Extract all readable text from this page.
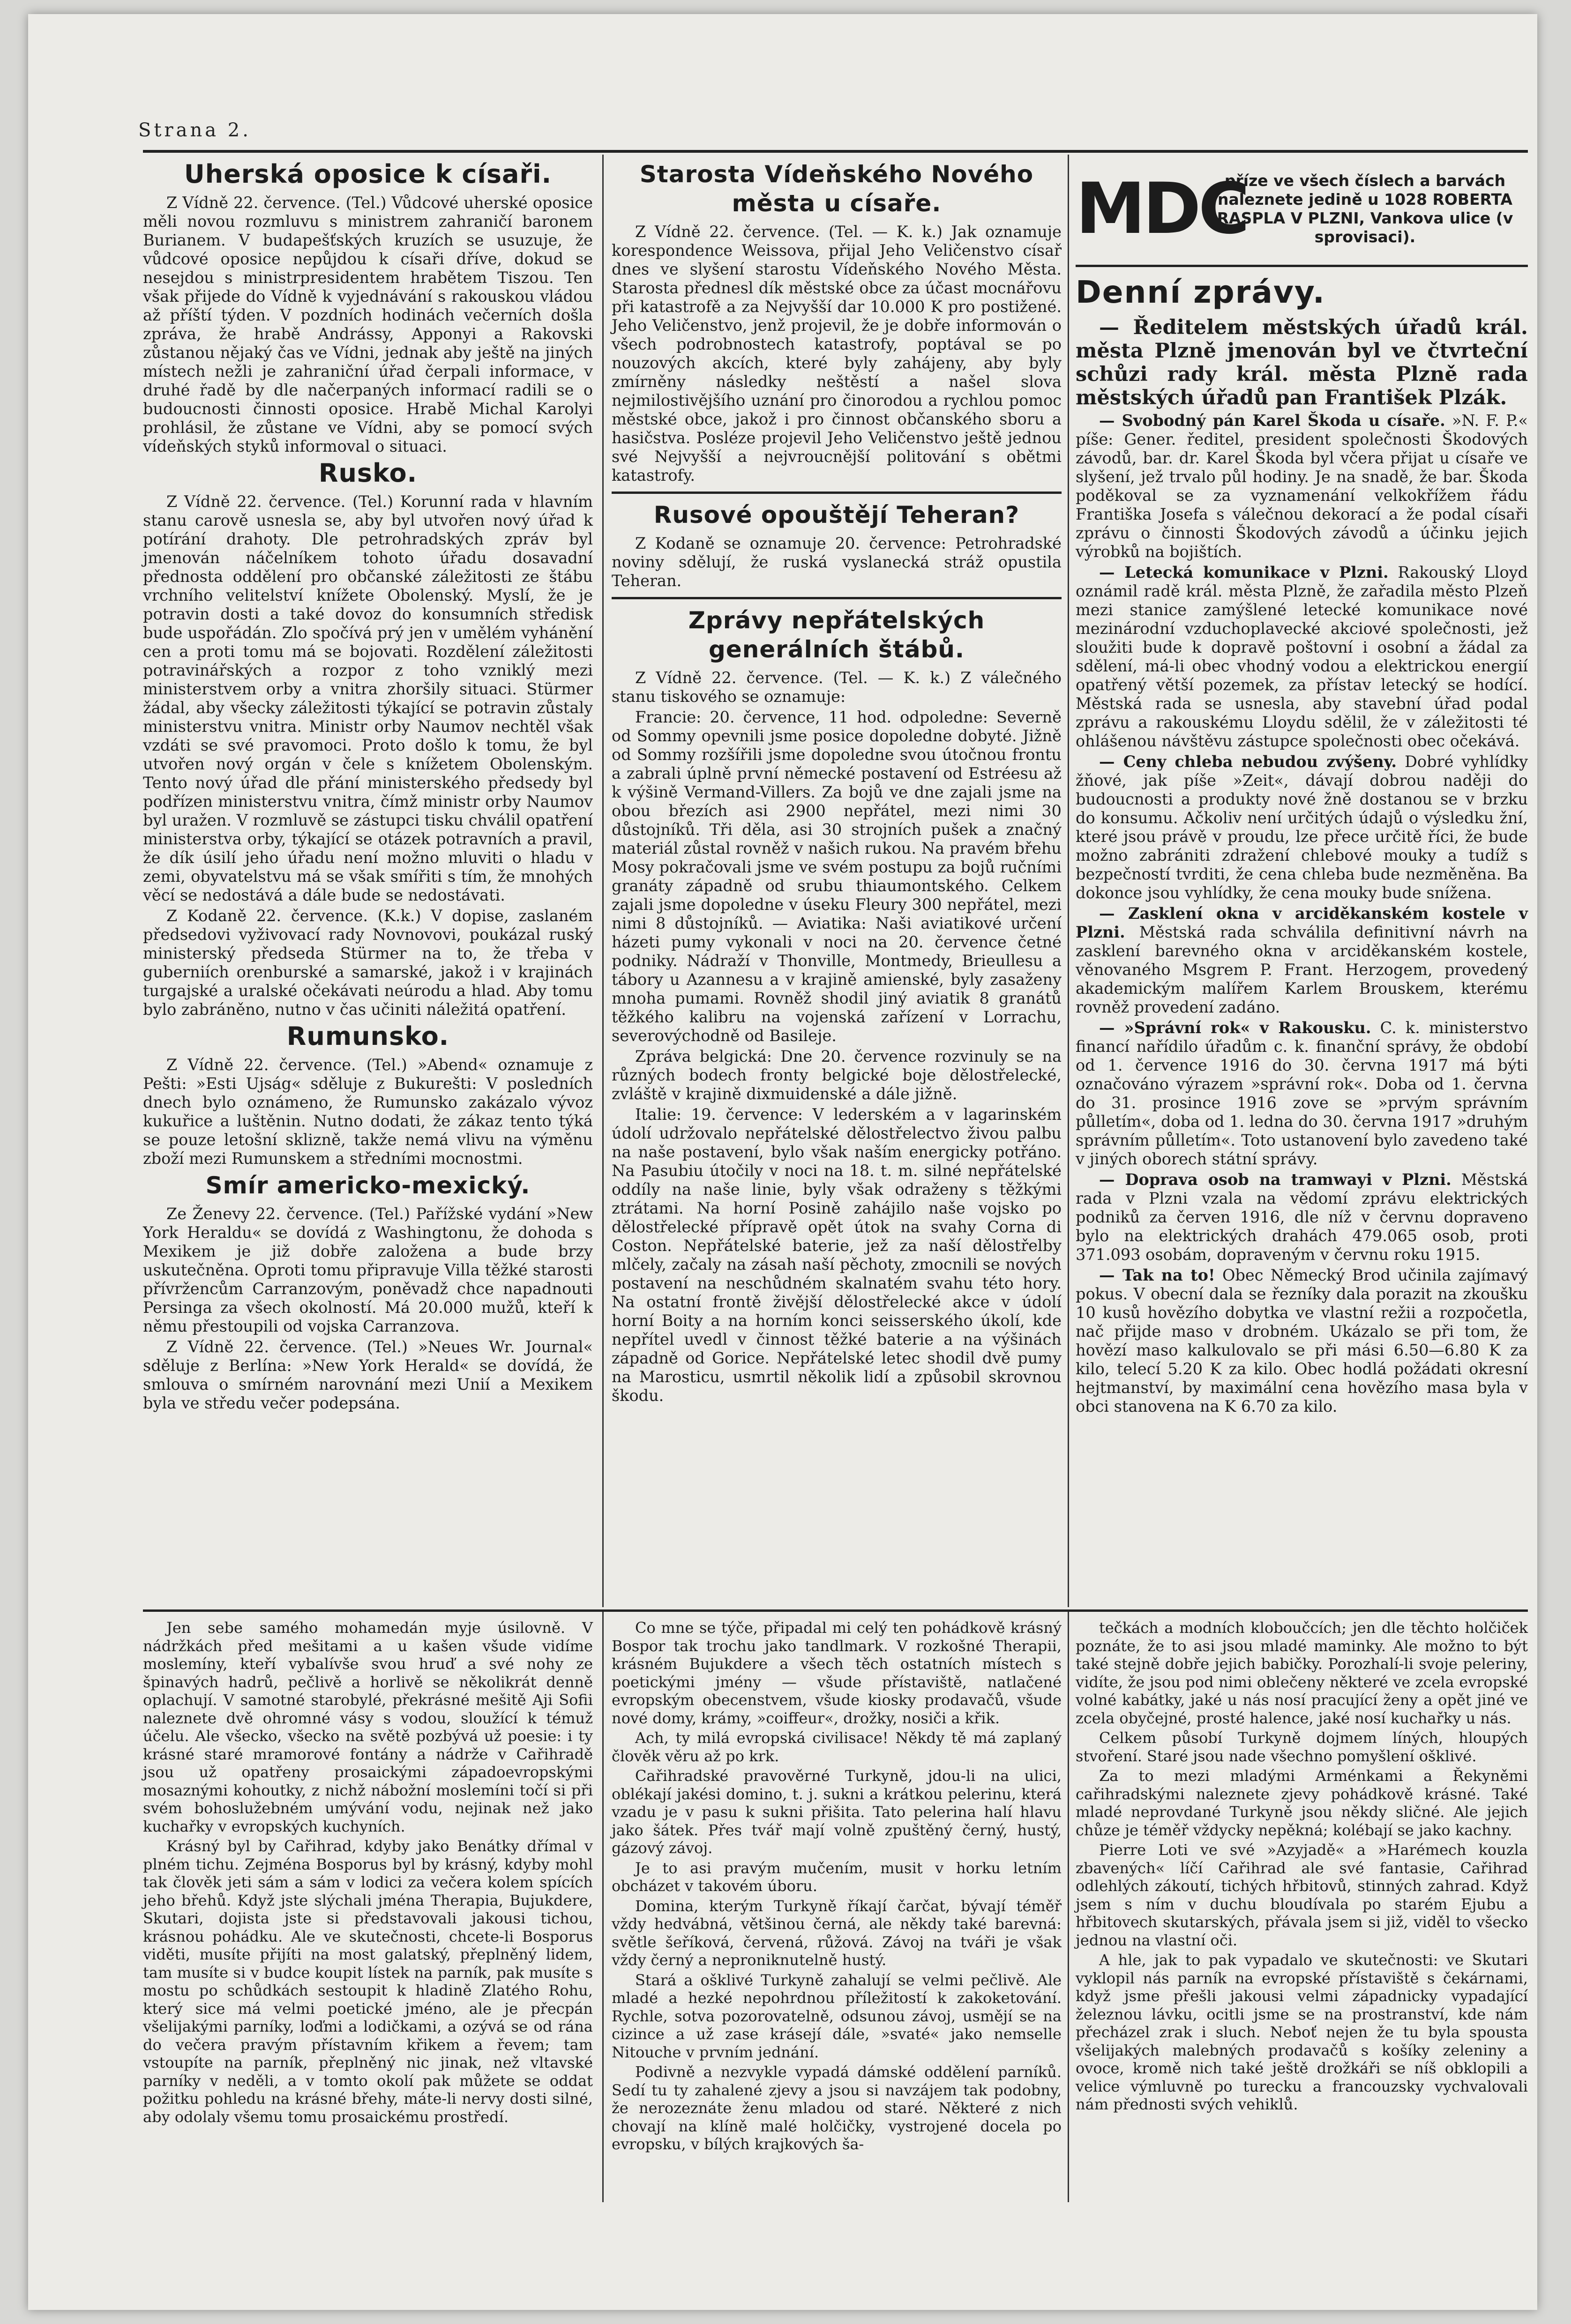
Strana 2.
Uherská oposice k císaři.

Z Vídně 22. července. (Tel.) Vůdcové uherské oposice měli novou rozmluvu s ministrem zahraničí baronem Burianem. V budapešťských kruzích se usuzuje, že vůdcové oposice nepůjdou k císaři dříve, dokud se nesejdou s ministrpresidentem hrabětem Tiszou. Ten však přijede do Vídně k vyjednávání s rakouskou vládou až příští týden. V pozdních hodinách večerních došla zpráva, že hrabě Andrássy, Apponyi a Rakovski zůstanou nějaký čas ve Vídni, jednak aby ještě na jiných místech nežli je zahraniční úřad čerpali informace, v druhé řadě by dle načerpaných informací radili se o budoucnosti činnosti oposice. Hrabě Michal Karolyi prohlásil, že zůstane ve Vídni, aby se pomocí svých vídeňských styků informoval o situaci.

Rusko.

Z Vídně 22. července. (Tel.) Korunní rada v hlavním stanu carově usnesla se, aby byl utvořen nový úřad k potírání drahoty. Dle petrohradských zpráv byl jmenován náčelníkem tohoto úřadu dosavadní přednosta oddělení pro občanské záležitosti ze štábu vrchního velitelství knížete Obolenský. Myslí, že je potravin dosti a také dovoz do konsumních středisk bude uspořádán. Zlo spočívá prý jen v umělém vyhánění cen a proti tomu má se bojovati. Rozdělení záležitosti potravinářských a rozpor z toho vzniklý mezi ministerstvem orby a vnitra zhoršily situaci. Stürmer žádal, aby všecky záležitosti týkající se potravin zůstaly ministerstvu vnitra. Ministr orby Naumov nechtěl však vzdáti se své pravomoci. Proto došlo k tomu, že byl utvořen nový orgán v čele s knížetem Obolenským. Tento nový úřad dle přání ministerského předsedy byl podřízen ministerstvu vnitra, čímž ministr orby Naumov byl uražen. V rozmluvě se zástupci tisku chválil opatření ministerstva orby, týkající se otázek potravních a pravil, že dík úsilí jeho úřadu není možno mluviti o hladu v zemi, obyvatelstvu má se však smířiti s tím, že mnohých věcí se nedostává a dále bude se nedostávati.

Z Kodaně 22. července. (K.k.) V dopise, zaslaném předsedovi vyživovací rady Novnovovi, poukázal ruský ministerský předseda Stürmer na to, že třeba v guberniích orenburské a samarské, jakož i v krajinách turgajské a uralské očekávati neúrodu a hlad. Aby tomu bylo zabráněno, nutno v čas učiniti náležitá opatření.

Rumunsko.

Z Vídně 22. července. (Tel.) »Abend« oznamuje z Pešti: »Esti Ujság« sděluje z Bukurešti: V posledních dnech bylo oznámeno, že Rumunsko zakázalo vývoz kukuřice a luštěnin. Nutno dodati, že zákaz tento týká se pouze letošní sklizně, takže nemá vlivu na výměnu zboží mezi Rumunskem a středními mocnostmi.

Smír americko-mexický.

Ze Ženevy 22. července. (Tel.) Pařížské vydání »New York Heraldu« se dovídá z Washingtonu, že dohoda s Mexikem je již dobře založena a bude brzy uskutečněna. Oproti tomu připravuje Villa těžké starosti přívržencům Carranzovým, poněvadž chce napadnouti Persinga za všech okolností. Má 20.000 mužů, kteří k němu přestoupili od vojska Carranzova.

Z Vídně 22. července. (Tel.) »Neues Wr. Journal« sděluje z Berlína: »New York Herald« se dovídá, že smlouva o smírném narovnání mezi Unií a Mexikem byla ve středu večer podepsána.

Starosta Vídeňského Nového města u císaře.

Z Vídně 22. července. (Tel. — K. k.) Jak oznamuje korespondence Weissova, přijal Jeho Veličenstvo císař dnes ve slyšení starostu Vídeňského Nového Města. Starosta přednesl dík městské obce za účast mocnářovu při katastrofě a za Nejvyšší dar 10.000 K pro postižené. Jeho Veličenstvo, jenž projevil, že je dobře informován o všech podrobnostech katastrofy, poptával se po nouzových akcích, které byly zahájeny, aby byly zmírněny následky neštěstí a našel slova nejmilostivějšího uznání pro činorodou a rychlou pomoc městské obce, jakož i pro činnost občanského sboru a hasičstva. Posléze projevil Jeho Veličenstvo ještě jednou své Nejvyšší a nejvroucnější politování s obětmi katastrofy.

Rusové opouštějí Teheran?

Z Kodaně se oznamuje 20. července: Petrohradské noviny sdělují, že ruská vyslanecká stráž opustila Teheran.

Zprávy nepřátelských generálních štábů.

Z Vídně 22. července. (Tel. — K. k.) Z válečného stanu tiskového se oznamuje:

Francie: 20. července, 11 hod. odpoledne: Severně od Sommy opevnili jsme posice dopoledne dobyté. Jižně od Sommy rozšířili jsme dopoledne svou útočnou frontu a zabrali úplně první německé postavení od Estréesu až k výšině Vermand-Villers. Za bojů ve dne zajali jsme na obou březích asi 2900 nepřátel, mezi nimi 30 důstojníků. Tři děla, asi 30 strojních pušek a značný materiál zůstal rovněž v našich rukou. Na pravém břehu Mosy pokračovali jsme ve svém postupu za bojů ručními granáty západně od srubu thiaumontského. Celkem zajali jsme dopoledne v úseku Fleury 300 nepřátel, mezi nimi 8 důstojníků. — Aviatika: Naši aviatikové určení házeti pumy vykonali v noci na 20. července četné podniky. Nádraží v Thonville, Montmedy, Brieullesu a tábory u Azannesu a v krajině amienské, byly zasaženy mnoha pumami. Rovněž shodil jiný aviatik 8 granátů těžkého kalibru na vojenská zařízení v Lorrachu, severovýchodně od Basileje.

Zpráva belgická: Dne 20. července rozvinuly se na různých bodech fronty belgické boje dělostřelecké, zvláště v krajině dixmuidenské a dále jižně.

Italie: 19. července: V lederském a v lagarinském údolí udržovalo nepřátelské dělostřelectvo živou palbu na naše postavení, bylo však naším energicky potřáno. Na Pasubiu útočily v noci na 18. t. m. silné nepřátelské oddíly na naše linie, byly však odraženy s těžkými ztrátami. Na horní Posině zahájilo naše vojsko po dělostřelecké přípravě opět útok na svahy Corna di Coston. Nepřátelské baterie, jež za naší dělostřelby mlčely, začaly na zásah naší pěchoty, zmocnili se nových postavení na neschůdném skalnatém svahu této hory. Na ostatní frontě živější dělostřelecké akce v údolí horní Boity a na horním konci seisserského úkolí, kde nepřítel uvedl v činnost těžké baterie a na výšinách západně od Gorice. Nepřátelské letec shodil dvě pumy na Marosticu, usmrtil několik lidí a způsobil skrovnou škodu.

MDC
příze ve všech číslech a barvách naleznete jedině u 1028 ROBERTA RASPLA V PLZNI, Vankova ulice (v sprovisaci).
Denní zprávy.

— Ředitelem městských úřadů král. města Plzně jmenován byl ve čtvrteční schůzi rady král. města Plzně rada městských úřadů pan František Plzák.

— Svobodný pán Karel Škoda u císaře. »N. F. P.« píše: Gener. ředitel, president společnosti Škodových závodů, bar. dr. Karel Škoda byl včera přijat u císaře ve slyšení, jež trvalo půl hodiny. Je na snadě, že bar. Škoda poděkoval se za vyznamenání velkokřížem řádu Františka Josefa s válečnou dekorací a že podal císaři zprávu o činnosti Škodových závodů a účinku jejich výrobků na bojištích.

— Letecká komunikace v Plzni. Rakouský Lloyd oznámil radě král. města Plzně, že zařadila město Plzeň mezi stanice zamýšlené letecké komunikace nové mezinárodní vzduchoplavecké akciové společnosti, jež sloužiti bude k dopravě poštovní i osobní a žádal za sdělení, má-li obec vhodný vodou a elektrickou energií opatřený větší pozemek, za přístav letecký se hodící. Městská rada se usnesla, aby stavební úřad podal zprávu a rakouskému Lloydu sdělil, že v záležitosti té ohlášenou návštěvu zástupce společnosti obec očekává.

— Ceny chleba nebudou zvýšeny. Dobré vyhlídky žňové, jak píše »Zeit«, dávají dobrou naději do budoucnosti a produkty nové žně dostanou se v brzku do konsumu. Ačkoliv není určitých údajů o výsledku žní, které jsou právě v proudu, lze přece určitě říci, že bude možno zabrániti zdražení chlebové mouky a tudíž s bezpečností tvrditi, že cena chleba bude nezměněna. Ba dokonce jsou vyhlídky, že cena mouky bude snížena.

— Zasklení okna v arciděkanském kostele v Plzni. Městská rada schválila definitivní návrh na zasklení barevného okna v arciděkanském kostele, věnovaného Msgrem P. Frant. Herzogem, provedený akademickým malířem Karlem Brouskem, kterému rovněž provedení zadáno.

— »Správní rok« v Rakousku. C. k. ministerstvo financí nařídilo úřadům c. k. finanční správy, že období od 1. července 1916 do 30. června 1917 má býti označováno výrazem »správní rok«. Doba od 1. června do 31. prosince 1916 zove se »prvým správním půlletím«, doba od 1. ledna do 30. června 1917 »druhým správním půlletím«. Toto ustanovení bylo zavedeno také v jiných oborech státní správy.

— Doprava osob na tramwayi v Plzni. Městská rada v Plzni vzala na vědomí zprávu elektrických podniků za červen 1916, dle níž v červnu dopraveno bylo na elektrických drahách 479.065 osob, proti 371.093 osobám, dopraveným v červnu roku 1915.

— Tak na to! Obec Německý Brod učinila zajímavý pokus. V obecní dala se řezníky dala porazit na zkoušku 10 kusů hovězího dobytka ve vlastní režii a rozpočetla, nač přijde maso v drobném. Ukázalo se při tom, že hovězí maso kalkulovalo se při mási 6.50—6.80 K za kilo, telecí 5.20 K za kilo. Obec hodlá požádati okresní hejtmanství, by maximální cena hovězího masa byla v obci stanovena na K 6.70 za kilo.

Jen sebe samého mohamedán myje úsilovně. V nádržkách před mešitami a u kašen všude vidíme moslemíny, kteří vybalívše svou hruď a své nohy ze špinavých hadrů, pečlivě a horlivě se několikrát denně oplachují. V samotné starobylé, překrásné mešitě Aji Sofii naleznete dvě ohromné vásy s vodou, sloužící k témuž účelu. Ale všecko, všecko na světě pozbývá už poesie: i ty krásné staré mramorové fontány a nádrže v Cařihradě jsou už opatřeny prosaickými západoevropskými mosaznými kohoutky, z nichž nábožní moslemíni točí si při svém bohoslužebném umývání vodu, nejinak než jako kuchařky v evropských kuchyních.

Krásný byl by Cařihrad, kdyby jako Benátky dřímal v plném tichu. Zejména Bosporus byl by krásný, kdyby mohl tak člověk jeti sám a sám v lodici za večera kolem spících jeho břehů. Když jste slýchali jména Therapia, Bujukdere, Skutari, dojista jste si představovali jakousi tichou, krásnou pohádku. Ale ve skutečnosti, chcete-li Bosporus viděti, musíte přijíti na most galatský, přeplněný lidem, tam musíte si v budce koupit lístek na parník, pak musíte s mostu po schůdkách sestoupit k hladině Zlatého Rohu, který sice má velmi poetické jméno, ale je přecpán všelijakými parníky, loďmi a lodičkami, a ozývá se od rána do večera pravým přístavním křikem a řevem; tam vstoupíte na parník, přeplněný nic jinak, než vltavské parníky v neděli, a v tomto okolí pak můžete se oddat požitku pohledu na krásné břehy, máte-li nervy dosti silné, aby odolaly všemu tomu prosaickému prostředí.

Co mne se týče, připadal mi celý ten pohádkově krásný Bospor tak trochu jako tandlmark. V rozkošné Therapii, krásném Bujukdere a všech těch ostatních místech s poetickými jmény — všude přístaviště, natlačené evropským obecenstvem, všude kiosky prodavačů, všude nové domy, krámy, »coiffeur«, drožky, nosiči a křik.

Ach, ty milá evropská civilisace! Někdy tě má zaplaný člověk věru až po krk.

Cařihradské pravověrné Turkyně, jdou-li na ulici, oblékají jakési domino, t. j. sukni a krátkou pelerinu, která vzadu je v pasu k sukni přišita. Tato pelerina halí hlavu jako šátek. Přes tvář mají volně zpuštěný černý, hustý, gázový závoj.

Je to asi pravým mučením, musit v horku letním obcházet v takovém úboru.

Domina, kterým Turkyně říkají čarčat, bývají téměř vždy hedvábná, většinou černá, ale někdy také barevná: světle šeříková, červená, růžová. Závoj na tváři je však vždy černý a neproniknutelně hustý.

Stará a ošklivé Turkyně zahalují se velmi pečlivě. Ale mladé a hezké nepohrdnou příležitostí k zakoketování. Rychle, sotva pozorovatelně, odsunou závoj, usmějí se na cizince a už zase krásejí dále, »svaté« jako nemselle Nitouche v prvním jednání.

Podivně a nezvykle vypadá dámské oddělení parníků. Sedí tu ty zahalené zjevy a jsou si navzájem tak podobny, že nerozeznáte ženu mladou od staré. Některé z nich chovají na klíně malé holčičky, vystrojené docela po evropsku, v bílých krajkových ša-

tečkách a modních kloboučcích; jen dle těchto holčiček poznáte, že to asi jsou mladé maminky. Ale možno to být také stejně dobře jejich babičky. Porozhalí-li svoje peleriny, vidíte, že jsou pod nimi oblečeny některé ve zcela evropské volné kabátky, jaké u nás nosí pracující ženy a opět jiné ve zcela obyčejné, prosté halence, jaké nosí kuchařky u nás.

Celkem působí Turkyně dojmem líných, hloupých stvoření. Staré jsou nade všechno pomyšlení ošklivé.

Za to mezi mladými Arménkami a Řekyněmi cařihradskými naleznete zjevy pohádkově krásné. Také mladé neprovdané Turkyně jsou někdy sličné. Ale jejich chůze je téměř vždycky nepěkná; kolébají se jako kachny.

Pierre Loti ve své »Azyjadě« a »Harémech kouzla zbavených« líčí Cařihrad ale své fantasie, Cařihrad odlehlých zákoutí, tichých hřbitovů, stinných zahrad. Když jsem s ním v duchu bloudívala po starém Ejubu a hřbitovech skutarských, přávala jsem si již, viděl to všecko jednou na vlastní oči.

A hle, jak to pak vypadalo ve skutečnosti: ve Skutari vyklopil nás parník na evropské přístaviště s čekárnami, když jsme přešli jakousi velmi západnicky vypadající železnou lávku, ocitli jsme se na prostranství, kde nám přecházel zrak i sluch. Neboť nejen že tu byla spousta všelijakých malebných prodavačů s košíky zeleniny a ovoce, kromě nich také ještě drožkáři se níš obklopili a velice výmluvně po turecku a francouzsky vychvalovali nám přednosti svých vehiklů.
